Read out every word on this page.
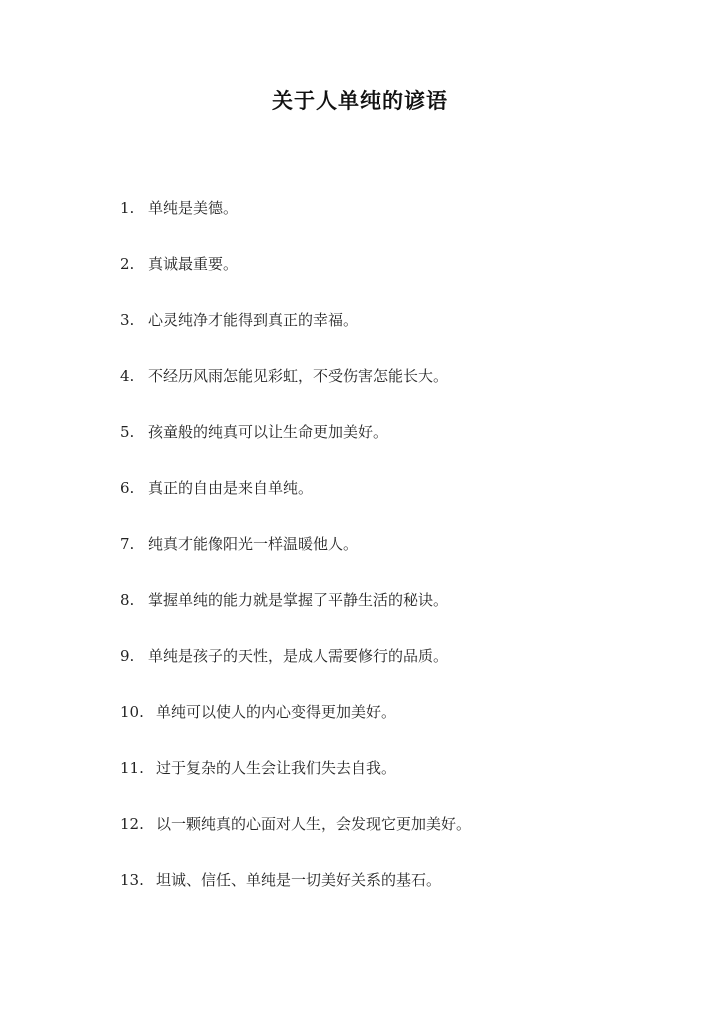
关于人单纯的谚语
1. 单纯是美德。
2. 真诚最重要。
3. 心灵纯净才能得到真正的幸福。
4. 不经历风雨怎能见彩虹，不受伤害怎能长大。
5. 孩童般的纯真可以让生命更加美好。
6. 真正的自由是来自单纯。
7. 纯真才能像阳光一样温暖他人。
8. 掌握单纯的能力就是掌握了平静生活的秘诀。
9. 单纯是孩子的天性，是成人需要修行的品质。
10. 单纯可以使人的内心变得更加美好。
11. 过于复杂的人生会让我们失去自我。
12. 以一颗纯真的心面对人生，会发现它更加美好。
13. 坦诚、信任、单纯是一切美好关系的基石。
